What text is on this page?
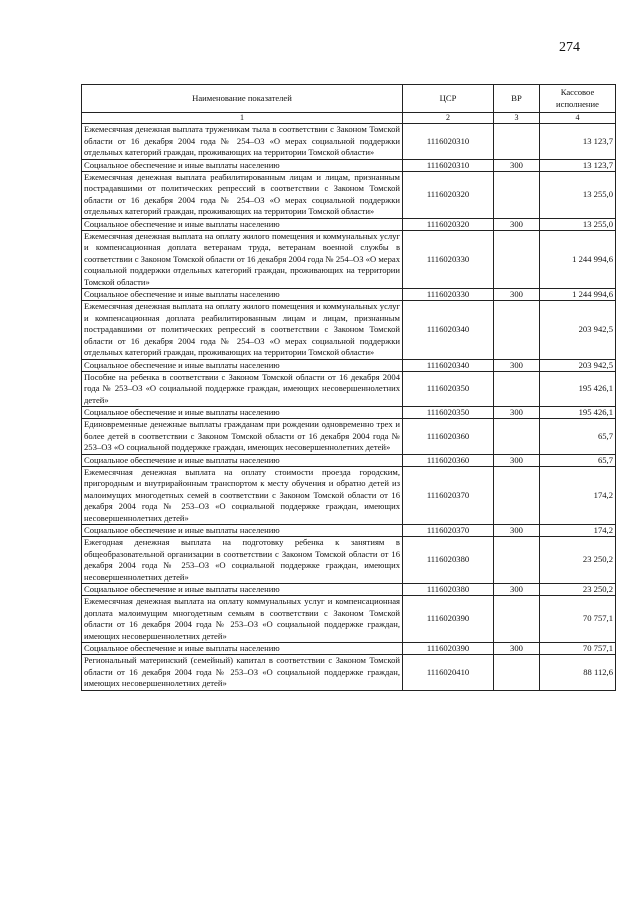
274
Наименование показателей	ЦСР	ВР	Кассовое исполнение
1	2	3	4
Ежемесячная денежная выплата труженикам тыла в соответствии с Законом Томской области от 16 декабря 2004 года № 254–ОЗ «О мерах социальной поддержки отдельных категорий граждан, проживающих на территории Томской области»	1116020310		13 123,7
Социальное обеспечение и иные выплаты населению	1116020310	300	13 123,7
Ежемесячная денежная выплата реабилитированным лицам и лицам, признанным пострадавшими от политических репрессий в соответствии с Законом Томской области от 16 декабря 2004 года № 254–ОЗ «О мерах социальной поддержки отдельных категорий граждан, проживающих на территории Томской области»	1116020320		13 255,0
Социальное обеспечение и иные выплаты населению	1116020320	300	13 255,0
Ежемесячная денежная выплата на оплату жилого помещения и коммунальных услуг и компенсационная доплата ветеранам труда, ветеранам военной службы в соответствии с Законом Томской области от 16 декабря 2004 года № 254–ОЗ «О мерах социальной поддержки отдельных категорий граждан, проживающих на территории Томской области»	1116020330		1 244 994,6
Социальное обеспечение и иные выплаты населению	1116020330	300	1 244 994,6
Ежемесячная денежная выплата на оплату жилого помещения и коммунальных услуг и компенсационная доплата реабилитированным лицам и лицам, признанным пострадавшими от политических репрессий в соответствии с Законом Томской области от 16 декабря 2004 года № 254–ОЗ «О мерах социальной поддержки отдельных категорий граждан, проживающих на территории Томской области»	1116020340		203 942,5
Социальное обеспечение и иные выплаты населению	1116020340	300	203 942,5
Пособие на ребенка в соответствии с Законом Томской области от 16 декабря 2004 года № 253–ОЗ «О социальной поддержке граждан, имеющих несовершеннолетних детей»	1116020350		195 426,1
Социальное обеспечение и иные выплаты населению	1116020350	300	195 426,1
Единовременные денежные выплаты гражданам при рождении одновременно трех и более детей в соответствии с Законом Томской области от 16 декабря 2004 года № 253–ОЗ «О социальной поддержке граждан, имеющих несовершеннолетних детей»	1116020360		65,7
Социальное обеспечение и иные выплаты населению	1116020360	300	65,7
Ежемесячная денежная выплата на оплату стоимости проезда городским, пригородным и внутрирайонным транспортом к месту обучения и обратно детей из малоимущих многодетных семей в соответствии с Законом Томской области от 16 декабря 2004 года № 253–ОЗ «О социальной поддержке граждан, имеющих несовершеннолетних детей»	1116020370		174,2
Социальное обеспечение и иные выплаты населению	1116020370	300	174,2
Ежегодная денежная выплата на подготовку ребенка к занятиям в общеобразовательной организации в соответствии с Законом Томской области от 16 декабря 2004 года № 253–ОЗ «О социальной поддержке граждан, имеющих несовершеннолетних детей»	1116020380		23 250,2
Социальное обеспечение и иные выплаты населению	1116020380	300	23 250,2
Ежемесячная денежная выплата на оплату коммунальных услуг и компенсационная доплата малоимущим многодетным семьям в соответствии с Законом Томской области от 16 декабря 2004 года № 253–ОЗ «О социальной поддержке граждан, имеющих несовершеннолетних детей»	1116020390		70 757,1
Социальное обеспечение и иные выплаты населению	1116020390	300	70 757,1
Региональный материнский (семейный) капитал в соответствии с Законом Томской области от 16 декабря 2004 года № 253–ОЗ «О социальной поддержке граждан, имеющих несовершеннолетних детей»	1116020410		88 112,6
